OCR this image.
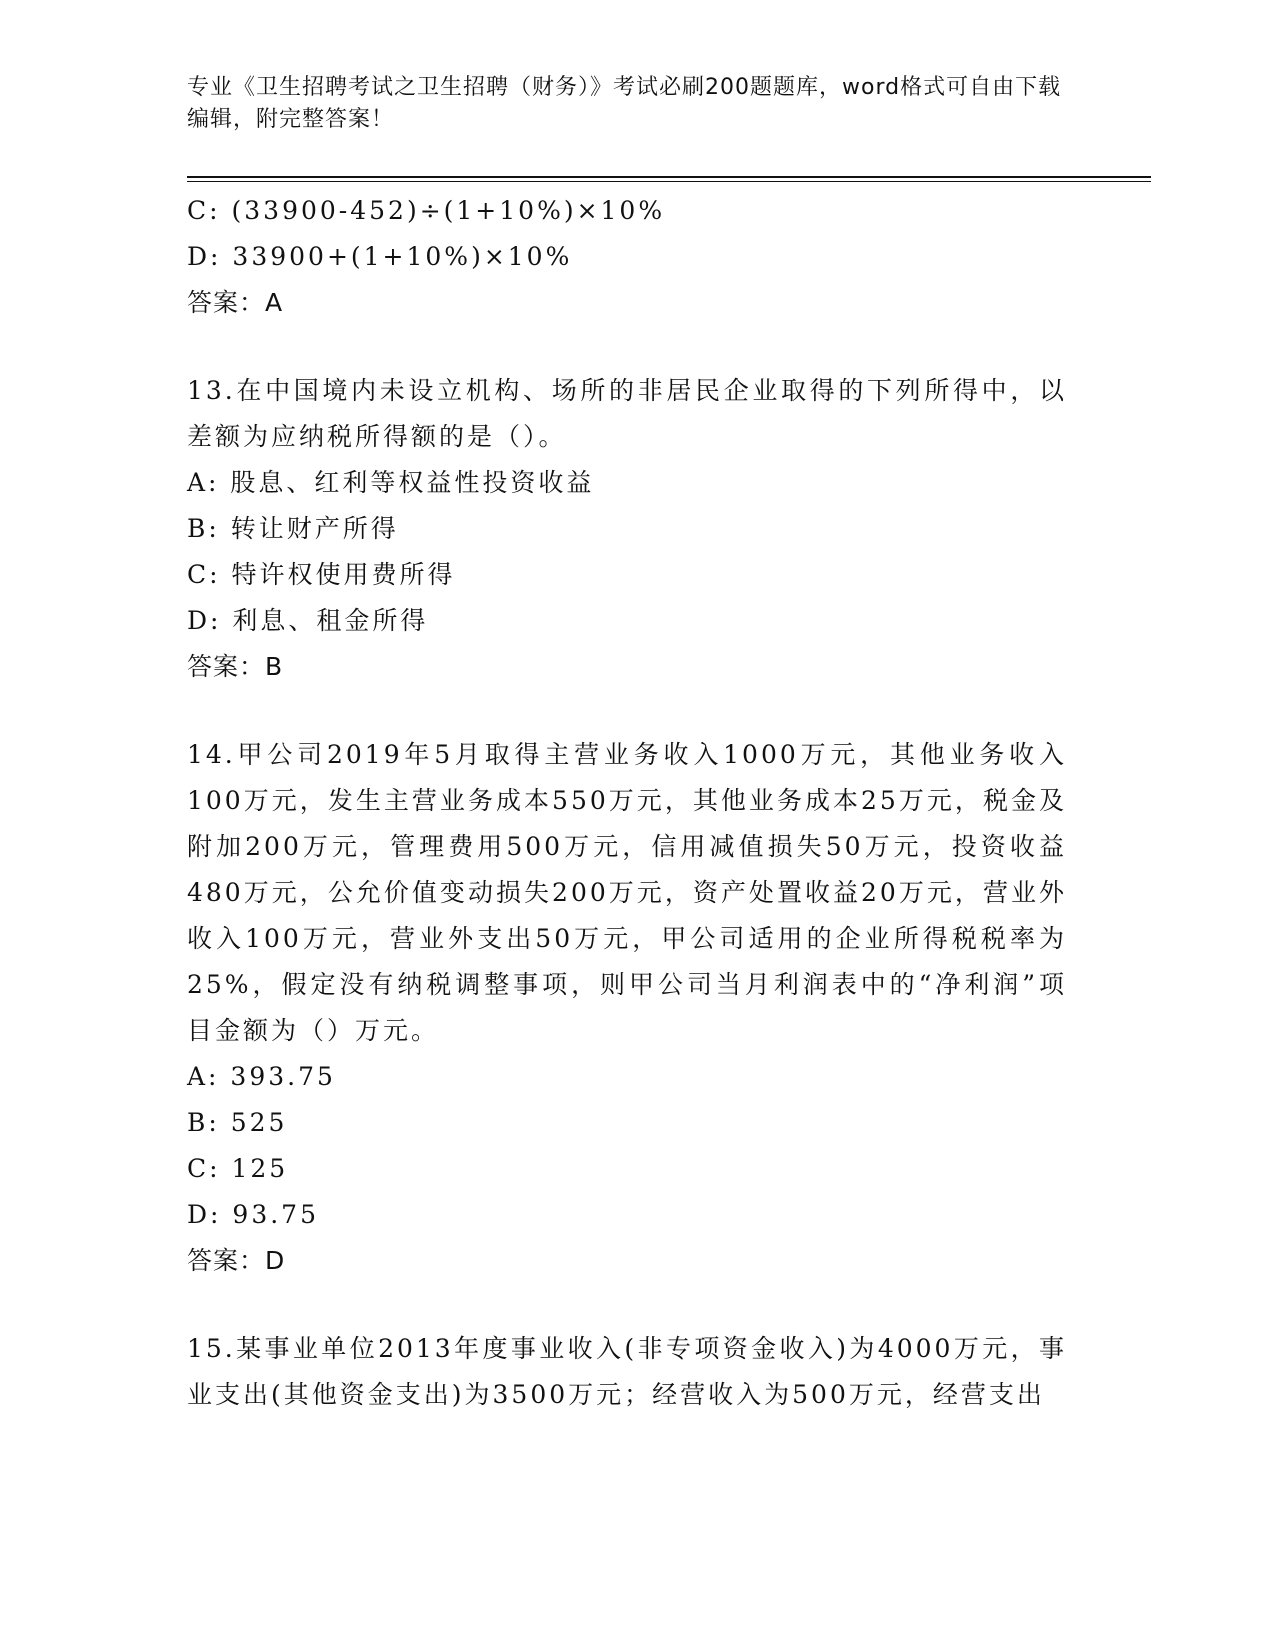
专业《卫生招聘考试之卫生招聘（财务）》考试必刷200题题库，word格式可自由下载编辑，附完整答案！

C: (33900-452)÷(1+10%)×10%

D: 33900+(1+10%)×10%

答案：A

13.在中国境内未设立机构、场所的非居民企业取得的下列所得中，以差额为应纳税所得额的是（）。

A: 股息、红利等权益性投资收益

B: 转让财产所得

C: 特许权使用费所得

D: 利息、租金所得

答案：B

14.甲公司2019年5月取得主营业务收入1000万元，其他业务收入100万元，发生主营业务成本550万元，其他业务成本25万元，税金及附加200万元，管理费用500万元，信用减值损失50万元，投资收益480万元，公允价值变动损失200万元，资产处置收益20万元，营业外收入100万元，营业外支出50万元，甲公司适用的企业所得税税率为25%，假定没有纳税调整事项，则甲公司当月利润表中的“净利润”项目金额为（）万元。

A: 393.75

B: 525

C: 125

D: 93.75

答案：D

15.某事业单位2013年度事业收入(非专项资金收入)为4000万元，事业支出(其他资金支出)为3500万元；经营收入为500万元，经营支出
